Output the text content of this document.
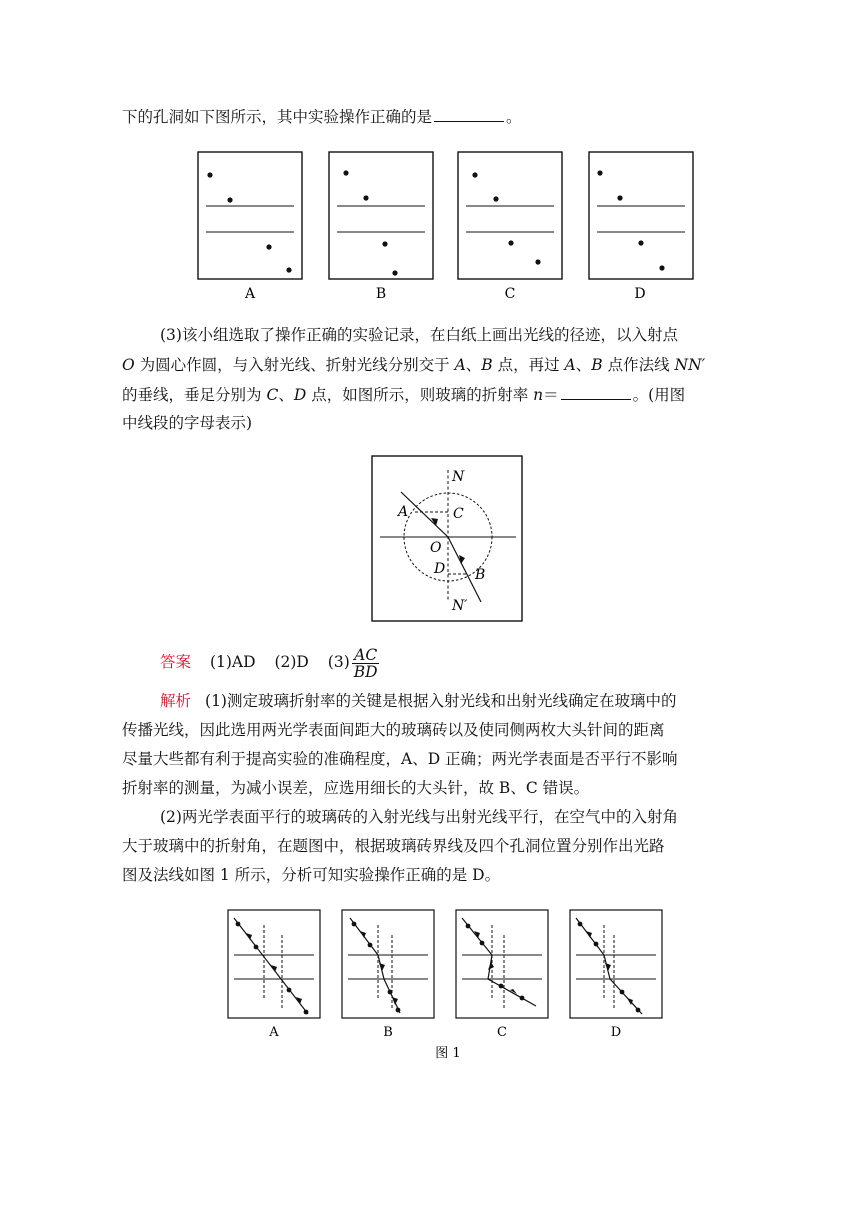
下的孔洞如下图所示，其中实验操作正确的是	。
A	B	C	D
(3)该小组选取了操作正确的实验记录，在白纸上画出光线的径迹，以入射点
O 为圆心作圆，与入射光线、折射光线分别交于 A、B 点，再过 A、B 点作法线 NN′
的垂线，垂足分别为 C、D 点，如图所示，则玻璃的折射率 n＝	。(用图
中线段的字母表示)
N
A	C
O
D B
N′
答案 (1)AD (2)D $(3) \frac{AC}{BD}$
解析 (1)测定玻璃折射率的关键是根据入射光线和出射光线确定在玻璃中的
传播光线，因此选用两光学表面间距大的玻璃砖以及使同侧两枚大头针间的距离
尽量大些都有利于提高实验的准确程度，A、D 正确；两光学表面是否平行不影响
折射率的测量，为减小误差，应选用细长的大头针，故 B、C 错误。
(2)两光学表面平行的玻璃砖的入射光线与出射光线平行，在空气中的入射角
大于玻璃中的折射角，在题图中，根据玻璃砖界线及四个孔洞位置分别作出光路
图及法线如图 1 所示，分析可知实验操作正确的是 D。
A	B	C	D
图 1
